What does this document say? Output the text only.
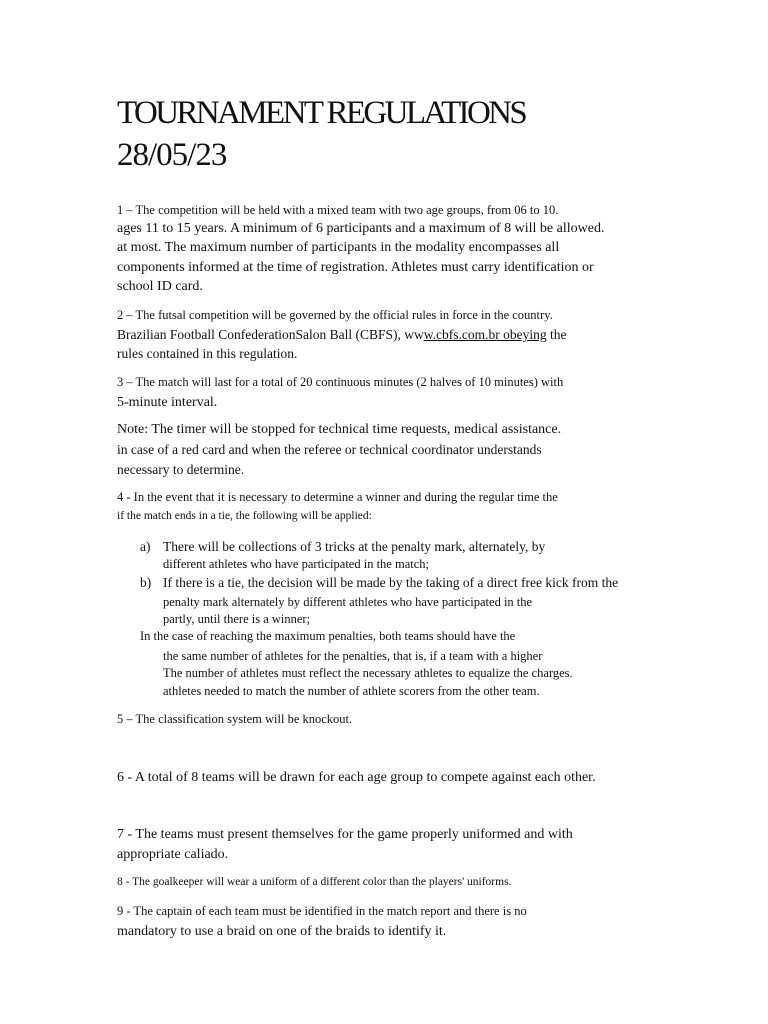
TOURNAMENT REGULATIONS
28/05/23
1 – The competition will be held with a mixed team with two age groups, from 06 to 10.
ages 11 to 15 years. A minimum of 6 participants and a maximum of 8 will be allowed.
at most. The maximum number of participants in the modality encompasses all
components informed at the time of registration. Athletes must carry identification or
school ID card.
2 – The futsal competition will be governed by the official rules in force in the country.
Brazilian Football ConfederationSalon Ball (CBFS), www.cbfs.com.br obeying the
rules contained in this regulation.
3 – The match will last for a total of 20 continuous minutes (2 halves of 10 minutes) with
5-minute interval.
Note: The timer will be stopped for technical time requests, medical assistance.
in case of a red card and when the referee or technical coordinator understands
necessary to determine.
4 - In the event that it is necessary to determine a winner and during the regular time the
if the match ends in a tie, the following will be applied:
a) There will be collections of 3 tricks at the penalty mark, alternately, by
different athletes who have participated in the match;
b) If there is a tie, the decision will be made by the taking of a direct free kick from the
penalty mark alternately by different athletes who have participated in the
partly, until there is a winner;
In the case of reaching the maximum penalties, both teams should have the
the same number of athletes for the penalties, that is, if a team with a higher
The number of athletes must reflect the necessary athletes to equalize the charges.
athletes needed to match the number of athlete scorers from the other team.
5 – The classification system will be knockout.
6 - A total of 8 teams will be drawn for each age group to compete against each other.
7 - The teams must present themselves for the game properly uniformed and with
appropriate caliado.
8 - The goalkeeper will wear a uniform of a different color than the players' uniforms.
9 - The captain of each team must be identified in the match report and there is no
mandatory to use a braid on one of the braids to identify it.
